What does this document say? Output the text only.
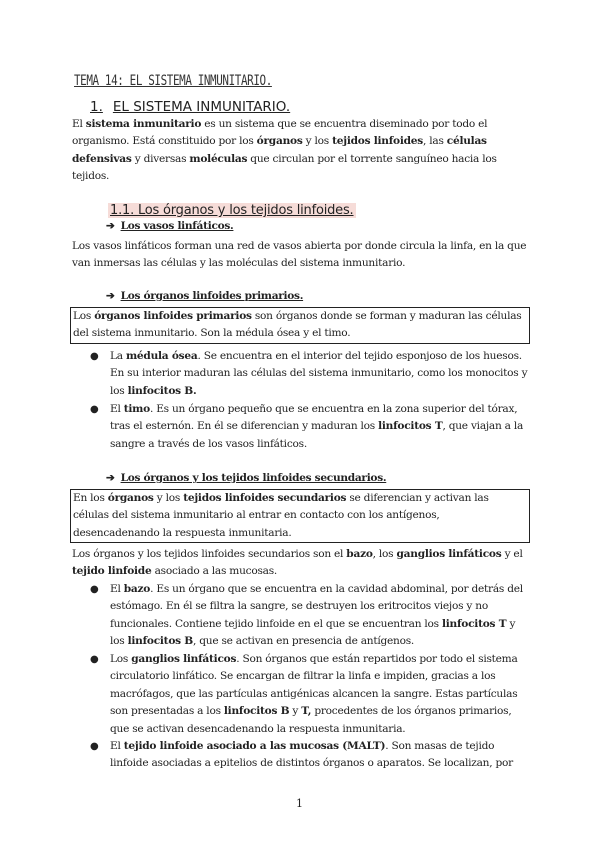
TEMA 14: EL SISTEMA INMUNITARIO.
1. EL SISTEMA INMUNITARIO.
El sistema inmunitario es un sistema que se encuentra diseminado por todo el organismo. Está constituido por los órganos y los tejidos linfoides, las células defensivas y diversas moléculas que circulan por el torrente sanguíneo hacia los tejidos.
1.1. Los órganos y los tejidos linfoides.
➔ Los vasos linfáticos.
Los vasos linfáticos forman una red de vasos abierta por donde circula la linfa, en la que van inmersas las células y las moléculas del sistema inmunitario.
➔ Los órganos linfoides primarios.
Los órganos linfoides primarios son órganos donde se forman y maduran las células del sistema inmunitario. Son la médula ósea y el timo.
● La médula ósea. Se encuentra en el interior del tejido esponjoso de los huesos. En su interior maduran las células del sistema inmunitario, como los monocitos y los linfocitos B.
● El timo. Es un órgano pequeño que se encuentra en la zona superior del tórax, tras el esternón. En él se diferencian y maduran los linfocitos T, que viajan a la sangre a través de los vasos linfáticos.
➔ Los órganos y los tejidos linfoides secundarios.
En los órganos y los tejidos linfoides secundarios se diferencian y activan las células del sistema inmunitario al entrar en contacto con los antígenos, desencadenando la respuesta inmunitaria.
Los órganos y los tejidos linfoides secundarios son el bazo, los ganglios linfáticos y el tejido linfoide asociado a las mucosas.
● El bazo. Es un órgano que se encuentra en la cavidad abdominal, por detrás del estómago. En él se filtra la sangre, se destruyen los eritrocitos viejos y no funcionales. Contiene tejido linfoide en el que se encuentran los linfocitos T y los linfocitos B, que se activan en presencia de antígenos.
● Los ganglios linfáticos. Son órganos que están repartidos por todo el sistema circulatorio linfático. Se encargan de filtrar la linfa e impiden, gracias a los macrófagos, que las partículas antigénicas alcancen la sangre. Estas partículas son presentadas a los linfocitos B y T, procedentes de los órganos primarios, que se activan desencadenando la respuesta inmunitaria.
● El tejido linfoide asociado a las mucosas (MALT). Son masas de tejido linfoide asociadas a epitelios de distintos órganos o aparatos. Se localizan, por
1
